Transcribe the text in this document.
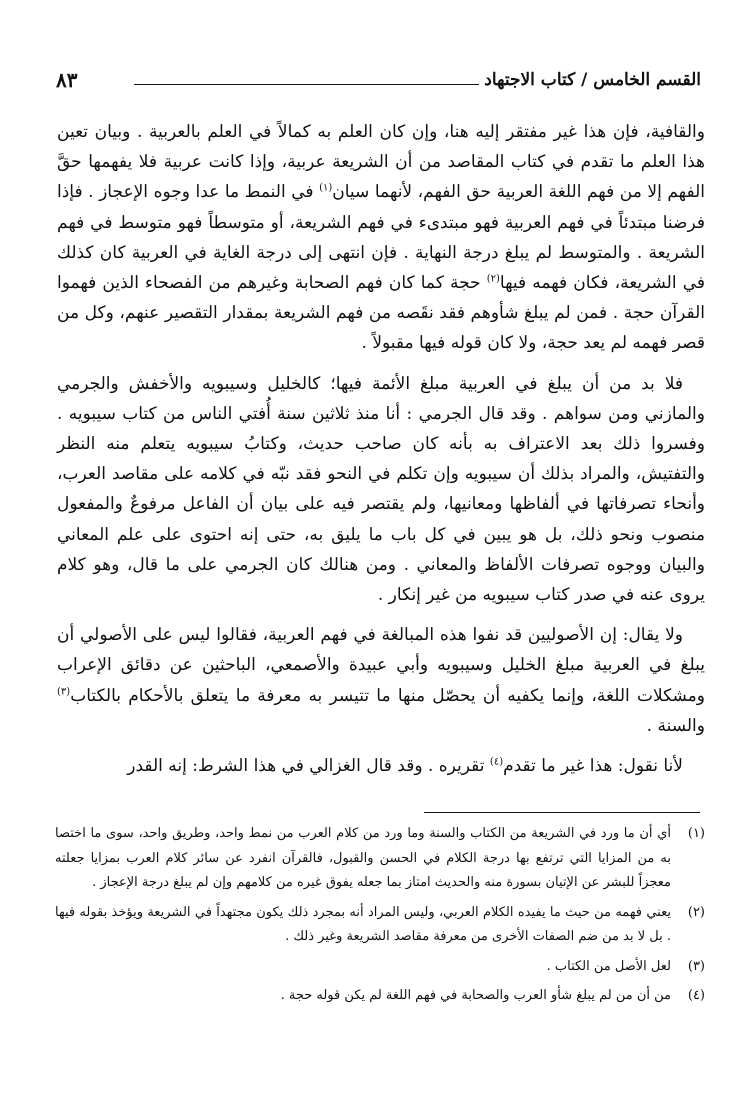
القسم الخامس / كتاب الاجتهاد
٨٣

والقافية، فإن هذا غير مفتقر إليه هنا، وإن كان العلم به كمالاً في العلم بالعربية . وبيان تعين هذا العلم ما تقدم في كتاب المقاصد من أن الشريعة عربية، وإذا كانت عربية فلا يفهمها حقَّ الفهم إلا من فهم اللغة العربية حق الفهم، لأنهما سيان$^{(١)}$ في النمط ما عدا وجوه الإعجاز . فإذا فرضنا مبتدئاً في فهم العربية فهو مبتدىء في فهم الشريعة، أو متوسطاً فهو متوسط في فهم الشريعة . والمتوسط لم يبلغ درجة النهاية . فإن انتهى إلى درجة الغاية في العربية كان كذلك في الشريعة، فكان فهمه فيها$^{(٢)}$ حجة كما كان فهم الصحابة وغيرهم من الفصحاء الذين فهموا القرآن حجة . فمن لم يبلغ شأوهم فقد نقَصه من فهم الشريعة بمقدار التقصير عنهم، وكل من قصر فهمه لم يعد حجة، ولا كان قوله فيها مقبولاً .

فلا بد من أن يبلغ في العربية مبلغ الأئمة فيها؛ كالخليل وسيبويه والأخفش والجرمي والمازني ومن سواهم . وقد قال الجرمي : أنا منذ ثلاثين سنة أُفتي الناس من كتاب سيبويه . وفسروا ذلك بعد الاعتراف به بأنه كان صاحب حديث، وكتابُ سيبويه يتعلم منه النظر والتفتيش، والمراد بذلك أن سيبويه وإن تكلم في النحو فقد نبّه في كلامه على مقاصد العرب، وأنحاء تصرفاتها في ألفاظها ومعانيها، ولم يقتصر فيه على بيان أن الفاعل مرفوعٌ والمفعول منصوب ونحو ذلك، بل هو يبين في كل باب ما يليق به، حتى إنه احتوى على علم المعاني والبيان ووجوه تصرفات الألفاظ والمعاني . ومن هنالك كان الجرمي على ما قال، وهو كلام يروى عنه في صدر كتاب سيبويه من غير إنكار .

ولا يقال: إن الأصوليين قد نفوا هذه المبالغة في فهم العربية، فقالوا ليس على الأصولي أن يبلغ في العربية مبلغ الخليل وسيبويه وأبي عبيدة والأصمعي، الباحثين عن دقائق الإعراب ومشكلات اللغة، وإنما يكفيه أن يحصّل منها ما تتيسر به معرفة ما يتعلق بالأحكام بالكتاب$^{(٣)}$ والسنة .

لأنا نقول: هذا غير ما تقدم$^{(٤)}$ تقريره . وقد قال الغزالي في هذا الشرط: إنه القدر

(١)
أي أن ما ورد في الشريعة من الكتاب والسنة وما ورد من كلام العرب من نمط واحد، وطريق واحد، سوى ما اختصا به من المزايا التي ترتفع بها درجة الكلام في الحسن والقبول، فالقرآن انفرد عن سائر كلام العرب بمزايا جعلته معجزاً للبشر عن الإتيان بسورة منه والحديث امتاز بما جعله يفوق غيره من كلامهم وإن لم يبلغ درجة الإعجاز .

(٢)
يعني فهمه من حيث ما يفيده الكلام العربي، وليس المراد أنه بمجرد ذلك يكون مجتهداً في الشريعة ويؤخذ بقوله فيها . بل لا بد من ضم الصفات الأخرى من معرفة مقاصد الشريعة وغير ذلك .

(٣)
لعل الأصل من الكتاب .

(٤)
من أن من لم يبلغ شأو العرب والصحابة في فهم اللغة لم يكن قوله حجة .
